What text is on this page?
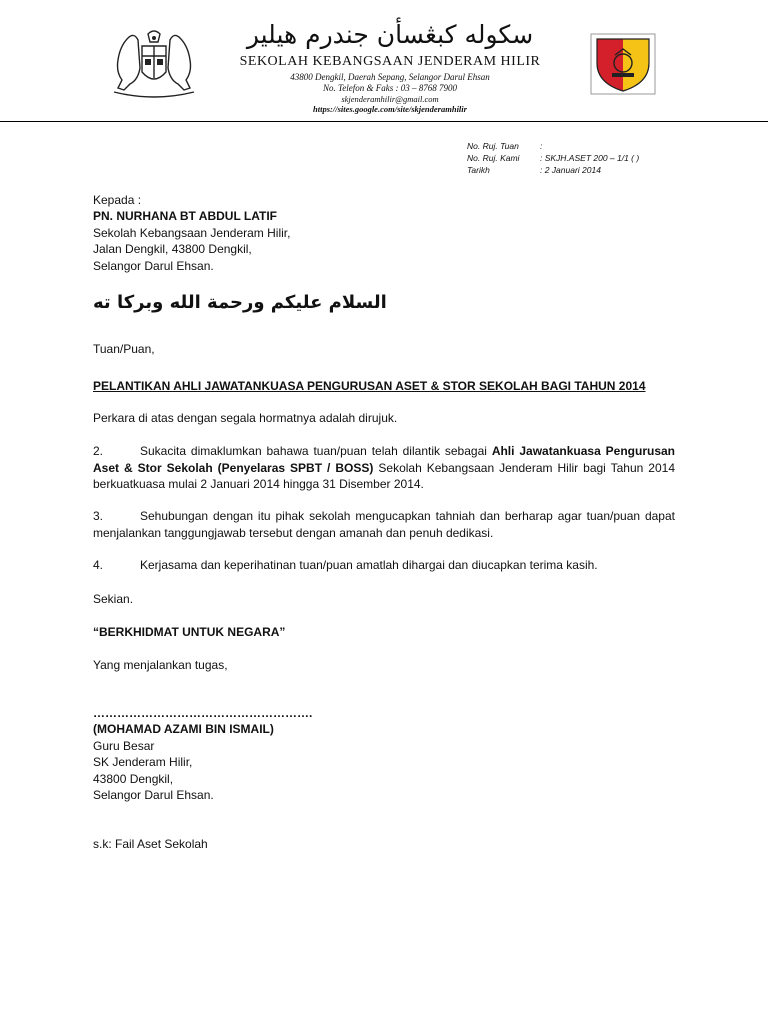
سكوله كبڠسأن جندرم هيلير
SEKOLAH KEBANGSAAN JENDERAM HILIR
43800 Dengkil, Daerah Sepang, Selangor Darul Ehsan
No. Telefon & Faks : 03 – 8768 7900
skjenderamhilir@gmail.com
https://sites.google.com/site/skjenderamhilir
No. Ruj. Tuan :
No. Ruj. Kami : SKJH.ASET 200 – 1/1 ( )
Tarikh	: 2 Januari 2014
Kepada :
PN. NURHANA BT ABDUL LATIF
Sekolah Kebangsaan Jenderam Hilir,
Jalan Dengkil, 43800 Dengkil,
Selangor Darul Ehsan.
السلام عليكم ورحمة الله وبركا ته
Tuan/Puan,
PELANTIKAN AHLI JAWATANKUASA PENGURUSAN ASET & STOR SEKOLAH BAGI TAHUN 2014
Perkara di atas dengan segala hormatnya adalah dirujuk.
2.	Sukacita dimaklumkan bahawa tuan/puan telah dilantik sebagai Ahli Jawatankuasa Pengurusan Aset & Stor Sekolah (Penyelaras SPBT / BOSS) Sekolah Kebangsaan Jenderam Hilir bagi Tahun 2014 berkuatkuasa mulai 2 Januari 2014 hingga 31 Disember 2014.
3.	Sehubungan dengan itu pihak sekolah mengucapkan tahniah dan berharap agar tuan/puan dapat menjalankan tanggungjawab tersebut dengan amanah dan penuh dedikasi.
4.	Kerjasama dan keperihatinan tuan/puan amatlah dihargai dan diucapkan terima kasih.
Sekian.
“BERKHIDMAT UNTUK NEGARA”
Yang menjalankan tugas,
……………………………………………….
(MOHAMAD AZAMI BIN ISMAIL)
Guru Besar
SK Jenderam Hilir,
43800 Dengkil,
Selangor Darul Ehsan.
s.k: Fail Aset Sekolah
